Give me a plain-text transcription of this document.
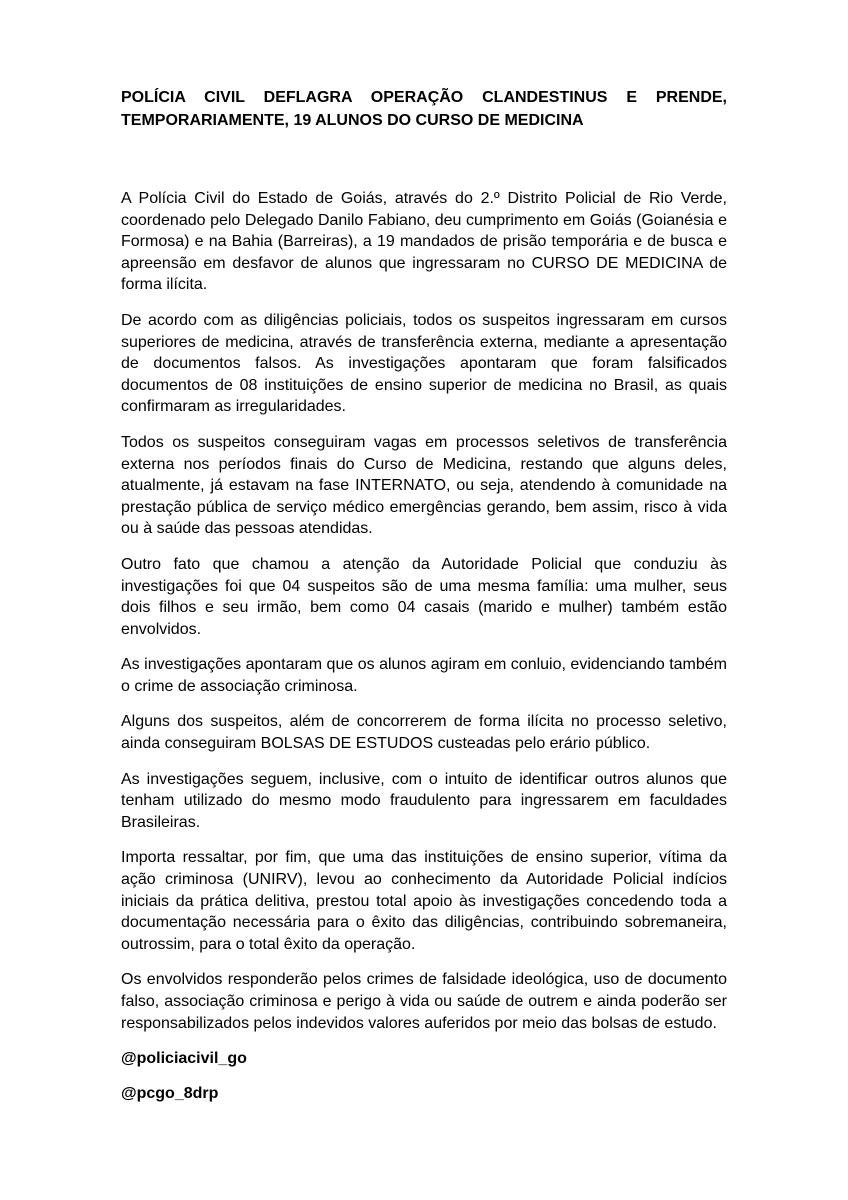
POLÍCIA CIVIL DEFLAGRA OPERAÇÃO CLANDESTINUS E PRENDE, TEMPORARIAMENTE, 19 ALUNOS DO CURSO DE MEDICINA

A Polícia Civil do Estado de Goiás, através do 2.º Distrito Policial de Rio Verde, coordenado pelo Delegado Danilo Fabiano, deu cumprimento em Goiás (Goianésia e Formosa) e na Bahia (Barreiras), a 19 mandados de prisão temporária e de busca e apreensão em desfavor de alunos que ingressaram no CURSO DE MEDICINA de forma ilícita.

De acordo com as diligências policiais, todos os suspeitos ingressaram em cursos superiores de medicina, através de transferência externa, mediante a apresentação de documentos falsos. As investigações apontaram que foram falsificados documentos de 08 instituições de ensino superior de medicina no Brasil, as quais confirmaram as irregularidades.

Todos os suspeitos conseguiram vagas em processos seletivos de transferência externa nos períodos finais do Curso de Medicina, restando que alguns deles, atualmente, já estavam na fase INTERNATO, ou seja, atendendo à comunidade na prestação pública de serviço médico emergências gerando, bem assim, risco à vida ou à saúde das pessoas atendidas.

Outro fato que chamou a atenção da Autoridade Policial que conduziu às investigações foi que 04 suspeitos são de uma mesma família: uma mulher, seus dois filhos e seu irmão, bem como 04 casais (marido e mulher) também estão envolvidos.

As investigações apontaram que os alunos agiram em conluio, evidenciando também o crime de associação criminosa.

Alguns dos suspeitos, além de concorrerem de forma ilícita no processo seletivo, ainda conseguiram BOLSAS DE ESTUDOS custeadas pelo erário público.

As investigações seguem, inclusive, com o intuito de identificar outros alunos que tenham utilizado do mesmo modo fraudulento para ingressarem em faculdades Brasileiras.

Importa ressaltar, por fim, que uma das instituições de ensino superior, vítima da ação criminosa (UNIRV), levou ao conhecimento da Autoridade Policial indícios iniciais da prática delitiva, prestou total apoio às investigações concedendo toda a documentação necessária para o êxito das diligências, contribuindo sobremaneira, outrossim, para o total êxito da operação.

Os envolvidos responderão pelos crimes de falsidade ideológica, uso de documento falso, associação criminosa e perigo à vida ou saúde de outrem e ainda poderão ser responsabilizados pelos indevidos valores auferidos por meio das bolsas de estudo.

@policiacivil_go
@pcgo_8drp
